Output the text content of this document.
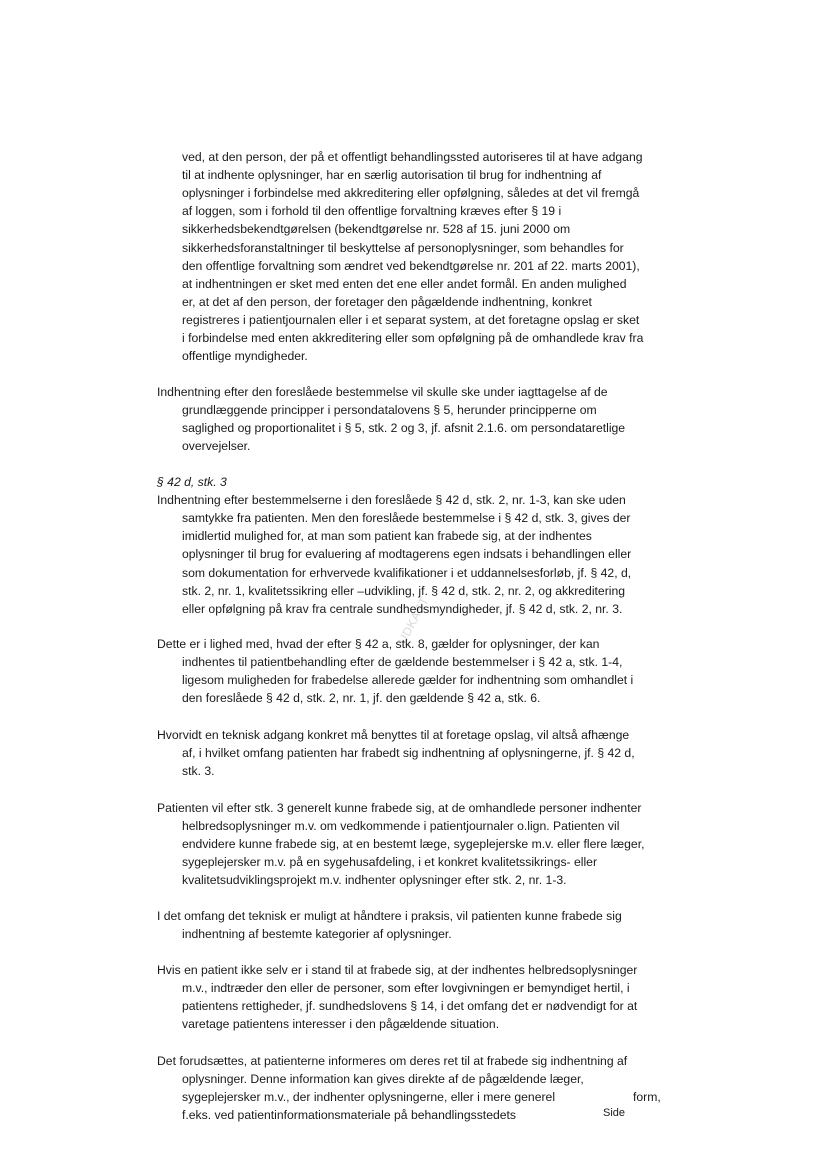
UDKAST
ved, at den person, der på et offentligt behandlingssted autoriseres til at have adgang
til at indhente oplysninger, har en særlig autorisation til brug for indhentning af
oplysninger i forbindelse med akkreditering eller opfølgning, således at det vil fremgå
af loggen, som i forhold til den offentlige forvaltning kræves efter § 19 i
sikkerhedsbekendtgørelsen (bekendtgørelse nr. 528 af 15. juni 2000 om
sikkerhedsforanstaltninger til beskyttelse af personoplysninger, som behandles for
den offentlige forvaltning som ændret ved bekendtgørelse nr. 201 af 22. marts 2001),
at indhentningen er sket med enten det ene eller andet formål. En anden mulighed
er, at det af den person, der foretager den pågældende indhentning, konkret
registreres i patientjournalen eller i et separat system, at det foretagne opslag er sket
i forbindelse med enten akkreditering eller som opfølgning på de omhandlede krav fra
offentlige myndigheder.
Indhentning efter den foreslåede bestemmelse vil skulle ske under iagttagelse af de
grundlæggende principper i persondatalovens § 5, herunder principperne om
saglighed og proportionalitet i § 5, stk. 2 og 3, jf. afsnit 2.1.6. om persondataretlige
overvejelser.
§ 42 d, stk. 3
Indhentning efter bestemmelserne i den foreslåede § 42 d, stk. 2, nr. 1-3, kan ske uden
samtykke fra patienten. Men den foreslåede bestemmelse i § 42 d, stk. 3, gives der
imidlertid mulighed for, at man som patient kan frabede sig, at der indhentes
oplysninger til brug for evaluering af modtagerens egen indsats i behandlingen eller
som dokumentation for erhvervede kvalifikationer i et uddannelsesforløb, jf. § 42, d,
stk. 2, nr. 1, kvalitetssikring eller –udvikling, jf. § 42 d, stk. 2, nr. 2, og akkreditering
eller opfølgning på krav fra centrale sundhedsmyndigheder, jf. § 42 d, stk. 2, nr. 3.
Dette er i lighed med, hvad der efter § 42 a, stk. 8, gælder for oplysninger, der kan
indhentes til patientbehandling efter de gældende bestemmelser i § 42 a, stk. 1-4,
ligesom muligheden for frabedelse allerede gælder for indhentning som omhandlet i
den foreslåede § 42 d, stk. 2, nr. 1, jf. den gældende § 42 a, stk. 6.
Hvorvidt en teknisk adgang konkret må benyttes til at foretage opslag, vil altså afhænge
af, i hvilket omfang patienten har frabedt sig indhentning af oplysningerne, jf. § 42 d,
stk. 3.
Patienten vil efter stk. 3 generelt kunne frabede sig, at de omhandlede personer indhenter
helbredsoplysninger m.v. om vedkommende i patientjournaler o.lign. Patienten vil
endvidere kunne frabede sig, at en bestemt læge, sygeplejerske m.v. eller flere læger,
sygeplejersker m.v. på en sygehusafdeling, i et konkret kvalitetssikrings- eller
kvalitetsudviklingsprojekt m.v. indhenter oplysninger efter stk. 2, nr. 1-3.
I det omfang det teknisk er muligt at håndtere i praksis, vil patienten kunne frabede sig
indhentning af bestemte kategorier af oplysninger.
Hvis en patient ikke selv er i stand til at frabede sig, at der indhentes helbredsoplysninger
m.v., indtræder den eller de personer, som efter lovgivningen er bemyndiget hertil, i
patientens rettigheder, jf. sundhedslovens § 14, i det omfang det er nødvendigt for at
varetage patientens interesser i den pågældende situation.
Det forudsættes, at patienterne informeres om deres ret til at frabede sig indhentning af
oplysninger. Denne information kan gives direkte af de pågældende læger,
sygeplejersker m.v., der indhenter oplysningerne, eller i mere generel	form,
f.eks. ved patientinformationsmateriale på behandlingsstedets	Side
